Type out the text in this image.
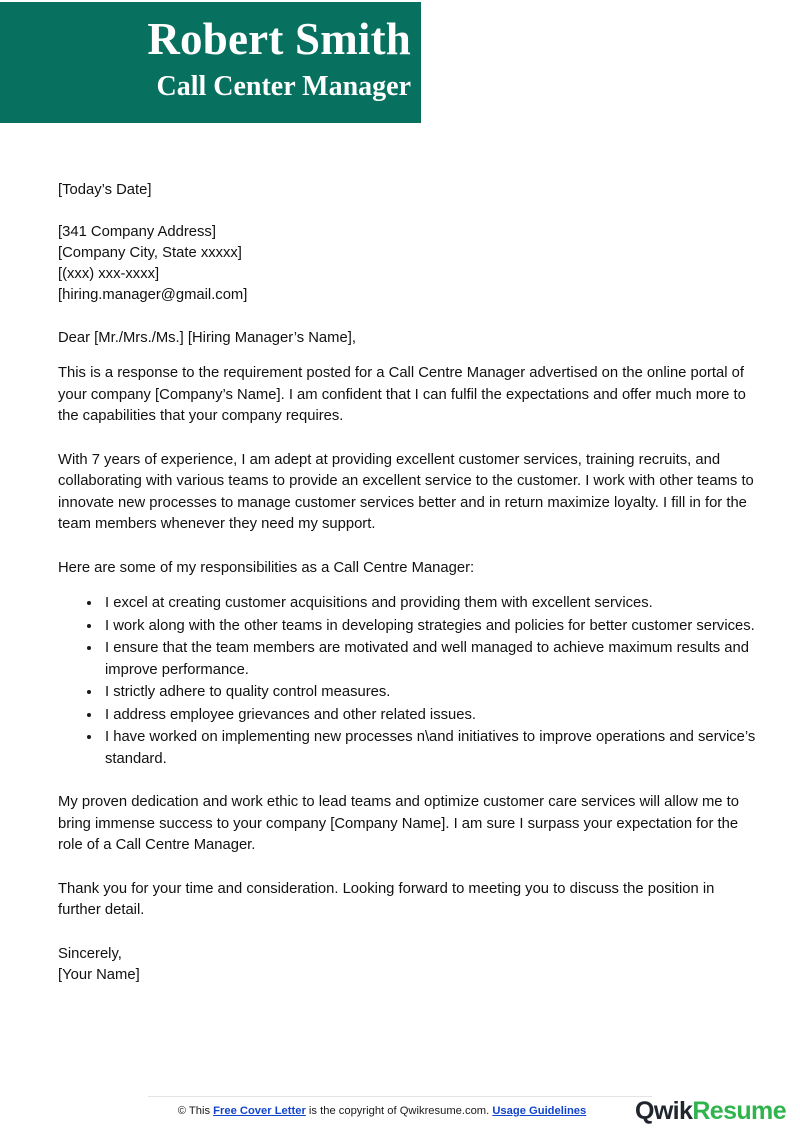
Robert Smith
Call Center Manager
[Today’s Date]
[341 Company Address]
[Company City, State xxxxx]
[(xxx) xxx-xxxx]
[hiring.manager@gmail.com]
Dear [Mr./Mrs./Ms.] [Hiring Manager’s Name],

This is a response to the requirement posted for a Call Centre Manager advertised on the online portal of your company [Company’s Name]. I am confident that I can fulfil the expectations and offer much more to the capabilities that your company requires.

With 7 years of experience, I am adept at providing excellent customer services, training recruits, and collaborating with various teams to provide an excellent service to the customer. I work with other teams to innovate new processes to manage customer services better and in return maximize loyalty. I fill in for the team members whenever they need my support.

Here are some of my responsibilities as a Call Centre Manager:

I excel at creating customer acquisitions and providing them with excellent services.
I work along with the other teams in developing strategies and policies for better customer services.
I ensure that the team members are motivated and well managed to achieve maximum results and improve performance.
I strictly adhere to quality control measures.
I address employee grievances and other related issues.
I have worked on implementing new processes n\and initiatives to improve operations and service’s standard.

My proven dedication and work ethic to lead teams and optimize customer care services will allow me to bring immense success to your company [Company Name]. I am sure I surpass your expectation for the role of a Call Centre Manager.

Thank you for your time and consideration. Looking forward to meeting you to discuss the position in further detail.

Sincerely,
[Your Name]
© This Free Cover Letter is the copyright of Qwikresume.com. Usage Guidelines	QwikResume
